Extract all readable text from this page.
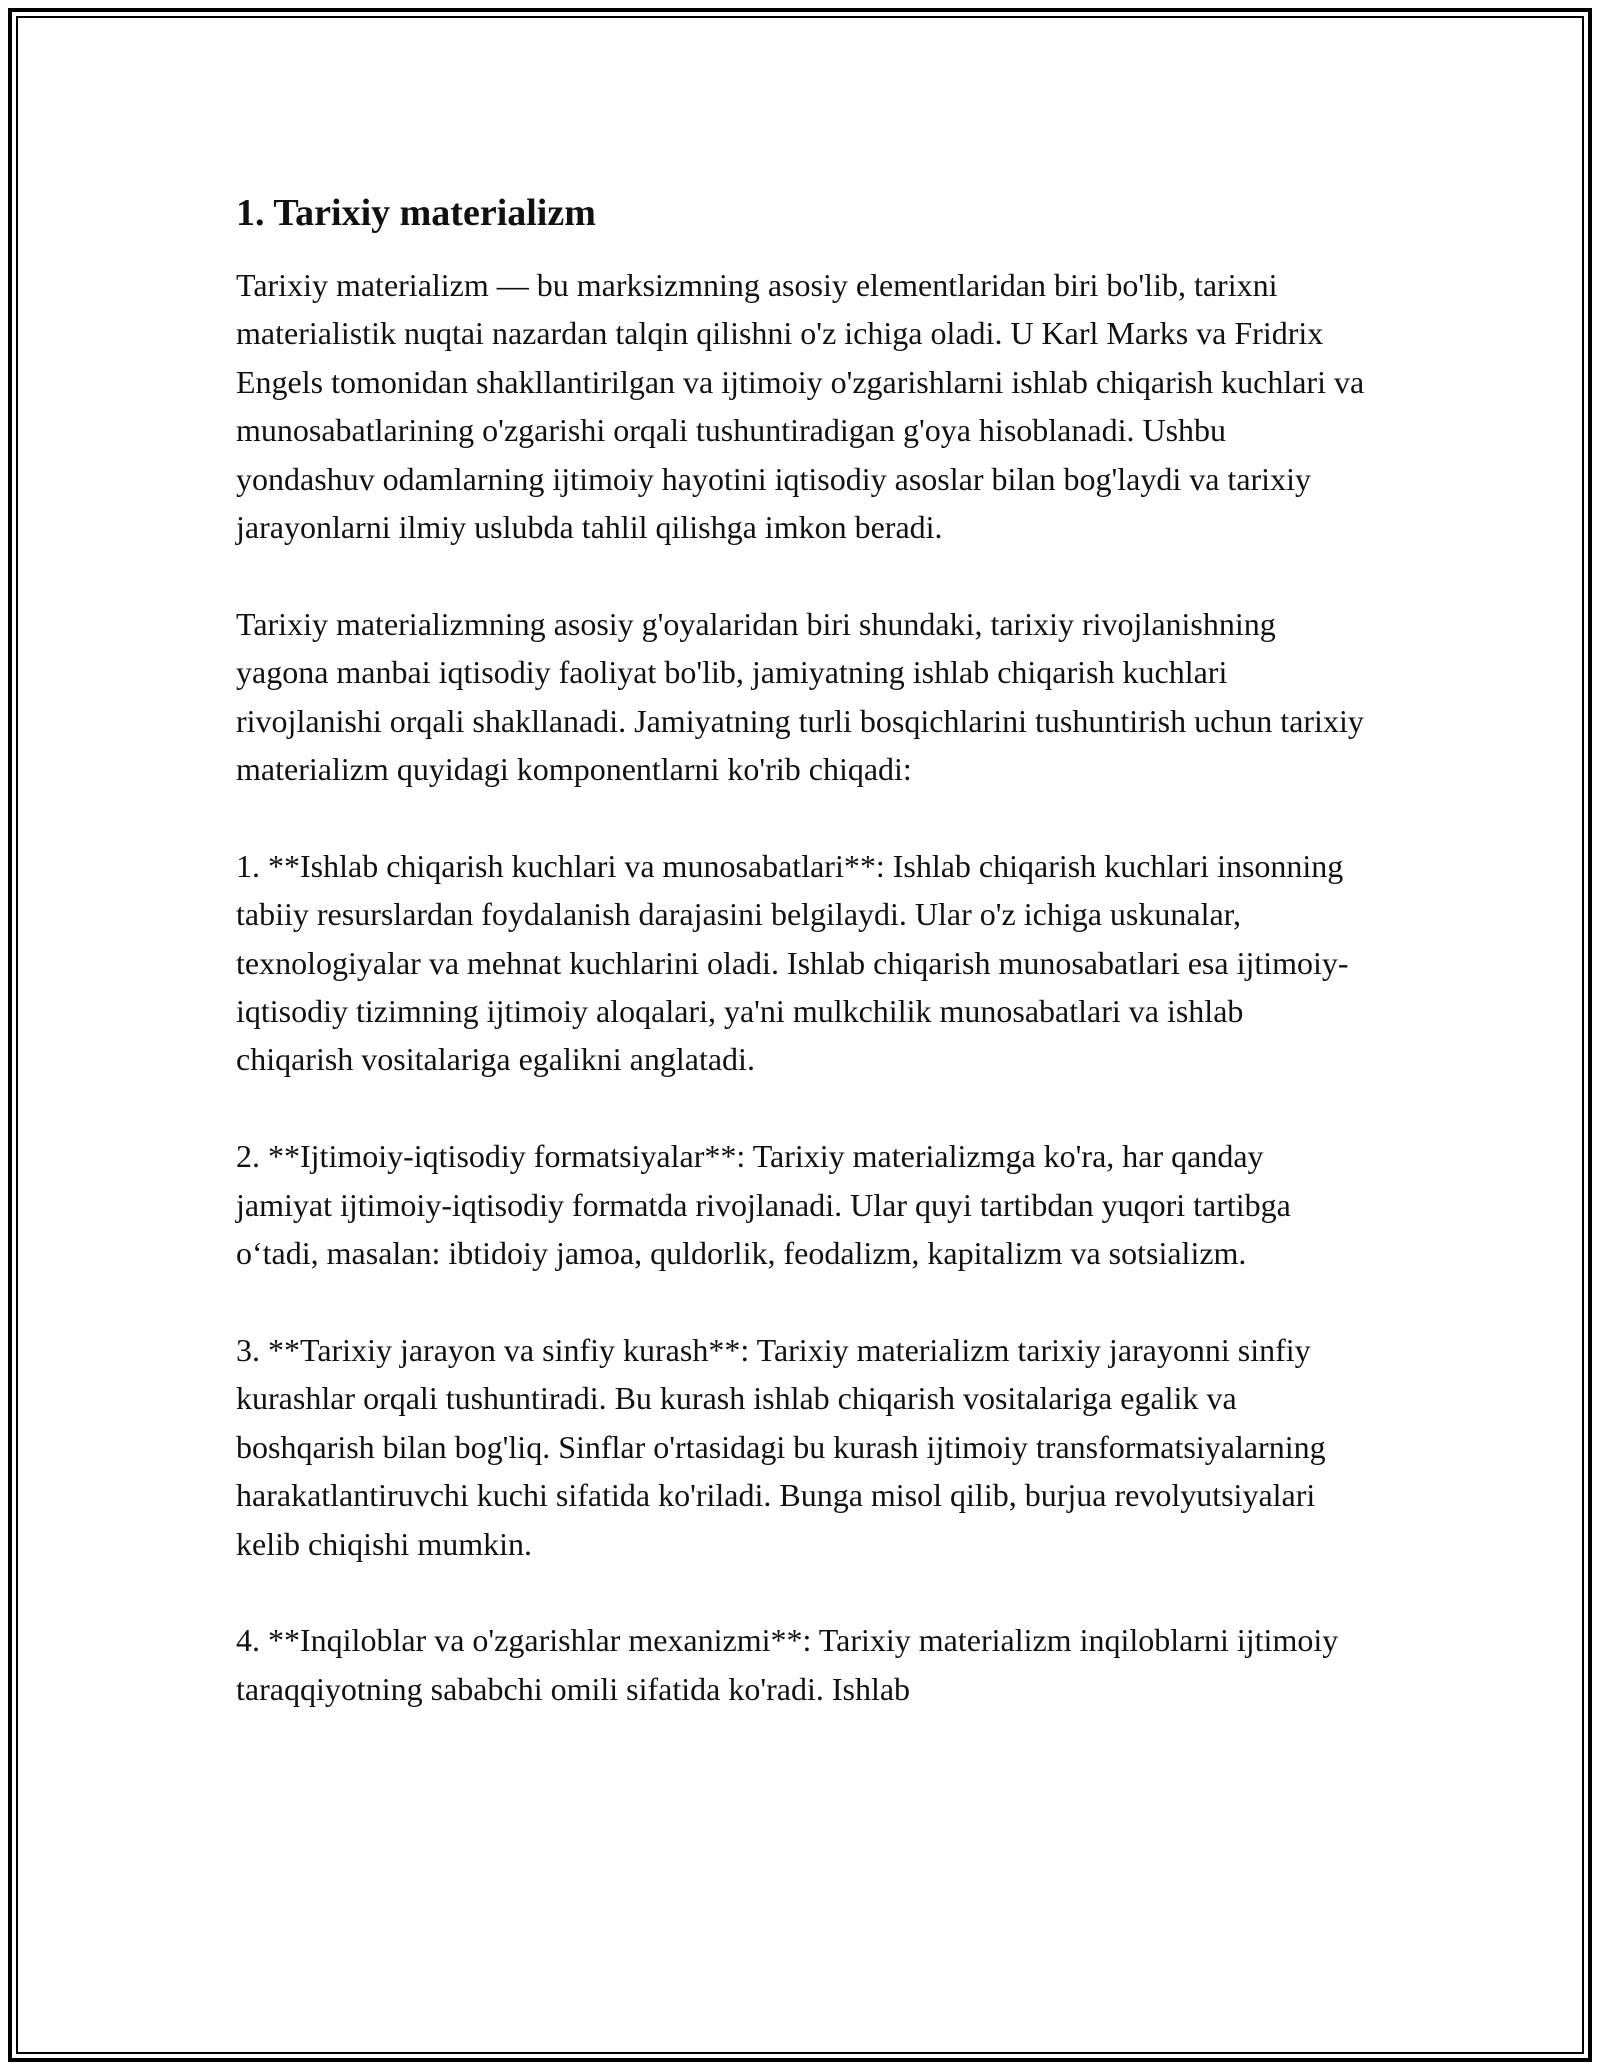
1. Tarixiy materializm

Tarixiy materializm — bu marksizmning asosiy elementlaridan biri bo'lib, tarixni materialistik nuqtai nazardan talqin qilishni o'z ichiga oladi. U Karl Marks va Fridrix Engels tomonidan shakllantirilgan va ijtimoiy o'zgarishlarni ishlab chiqarish kuchlari va munosabatlarining o'zgarishi orqali tushuntiradigan g'oya hisoblanadi. Ushbu yondashuv odamlarning ijtimoiy hayotini iqtisodiy asoslar bilan bog'laydi va tarixiy jarayonlarni ilmiy uslubda tahlil qilishga imkon beradi.

Tarixiy materializmning asosiy g'oyalaridan biri shundaki, tarixiy rivojlanishning yagona manbai iqtisodiy faoliyat bo'lib, jamiyatning ishlab chiqarish kuchlari rivojlanishi orqali shakllanadi. Jamiyatning turli bosqichlarini tushuntirish uchun tarixiy materializm quyidagi komponentlarni ko'rib chiqadi:

1. **Ishlab chiqarish kuchlari va munosabatlari**: Ishlab chiqarish kuchlari insonning tabiiy resurslardan foydalanish darajasini belgilaydi. Ular o'z ichiga uskunalar, texnologiyalar va mehnat kuchlarini oladi. Ishlab chiqarish munosabatlari esa ijtimoiy-iqtisodiy tizimning ijtimoiy aloqalari, ya'ni mulkchilik munosabatlari va ishlab chiqarish vositalariga egalikni anglatadi.

2. **Ijtimoiy-iqtisodiy formatsiyalar**: Tarixiy materializmga ko'ra, har qanday jamiyat ijtimoiy-iqtisodiy formatda rivojlanadi. Ular quyi tartibdan yuqori tartibga oʻtadi, masalan: ibtidoiy jamoa, quldorlik, feodalizm, kapitalizm va sotsializm.

3. **Tarixiy jarayon va sinfiy kurash**: Tarixiy materializm tarixiy jarayonni sinfiy kurashlar orqali tushuntiradi. Bu kurash ishlab chiqarish vositalariga egalik va boshqarish bilan bog'liq. Sinflar o'rtasidagi bu kurash ijtimoiy transformatsiyalarning harakatlantiruvchi kuchi sifatida ko'riladi. Bunga misol qilib, burjua revolyutsiyalari kelib chiqishi mumkin.

4. **Inqiloblar va o'zgarishlar mexanizmi**: Tarixiy materializm inqiloblarni ijtimoiy taraqqiyotning sababchi omili sifatida ko'radi. Ishlab
